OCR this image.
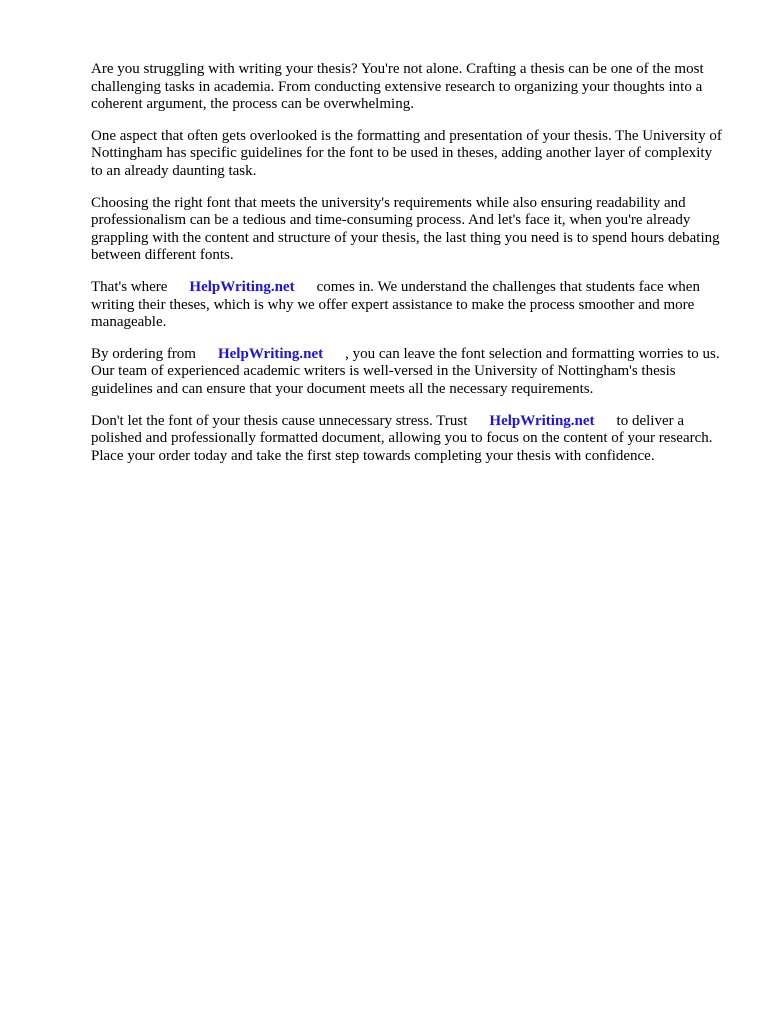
Are you struggling with writing your thesis? You're not alone. Crafting a thesis can be one of the most challenging tasks in academia. From conducting extensive research to organizing your thoughts into a coherent argument, the process can be overwhelming.

One aspect that often gets overlooked is the formatting and presentation of your thesis. The University of Nottingham has specific guidelines for the font to be used in theses, adding another layer of complexity to an already daunting task.

Choosing the right font that meets the university's requirements while also ensuring readability and professionalism can be a tedious and time-consuming process. And let's face it, when you're already grappling with the content and structure of your thesis, the last thing you need is to spend hours debating between different fonts.

That's where HelpWriting.net comes in. We understand the challenges that students face when writing their theses, which is why we offer expert assistance to make the process smoother and more manageable.

By ordering from HelpWriting.net , you can leave the font selection and formatting worries to us. Our team of experienced academic writers is well-versed in the University of Nottingham's thesis guidelines and can ensure that your document meets all the necessary requirements.

Don't let the font of your thesis cause unnecessary stress. Trust HelpWriting.net to deliver a polished and professionally formatted document, allowing you to focus on the content of your research. Place your order today and take the first step towards completing your thesis with confidence.
